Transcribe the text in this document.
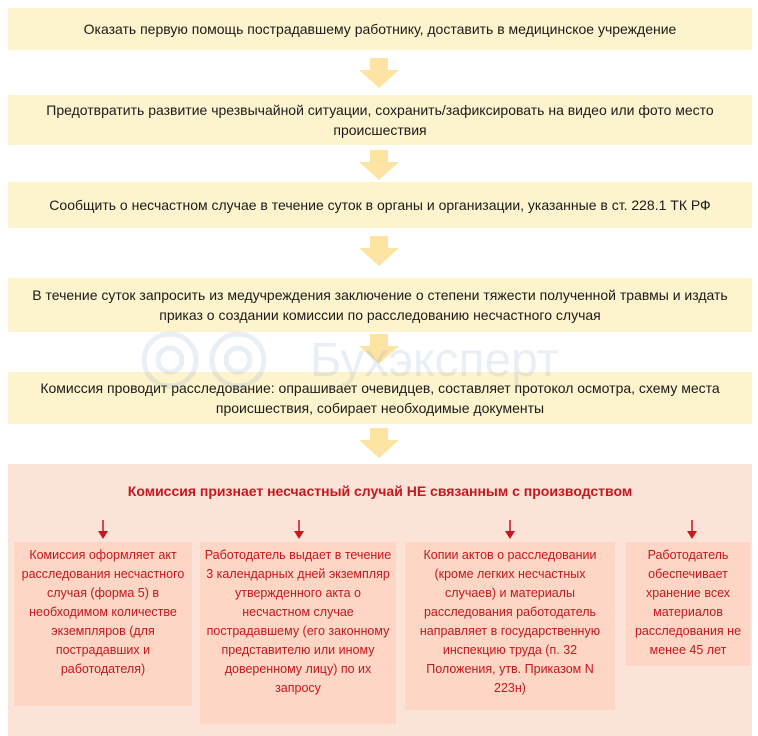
Оказать первую помощь пострадавшему работнику, доставить в медицинское учреждение
Предотвратить развитие чрезвычайной ситуации, сохранить/зафиксировать на видео или фото место происшествия
Сообщить о несчастном случае в течение суток в органы и организации, указанные в ст. 228.1 ТК РФ
В течение суток запросить из медучреждения заключение о степени тяжести полученной травмы и издать приказ о создании комиссии по расследованию несчастного случая
Комиссия проводит расследование: опрашивает очевидцев, составляет протокол осмотра, схему места происшествия, собирает необходимые документы
Бухэксперт
Комиссия признает несчастный случай НЕ связанным с производством
Комиссия оформляет акт расследования несчастного случая (форма 5) в необходимом количестве экземпляров (для пострадавших и работодателя)
Работодатель выдает в течение 3 календарных дней экземпляр утвержденного акта о несчастном случае пострадавшему (его законному представителю или иному доверенному лицу) по их запросу
Копии актов о расследовании (кроме легких несчастных случаев) и материалы расследования работодатель направляет в государственную инспекцию труда (п. 32 Положения, утв. Приказом N 223н)
Работодатель обеспечивает хранение всех материалов расследования не менее 45 лет
